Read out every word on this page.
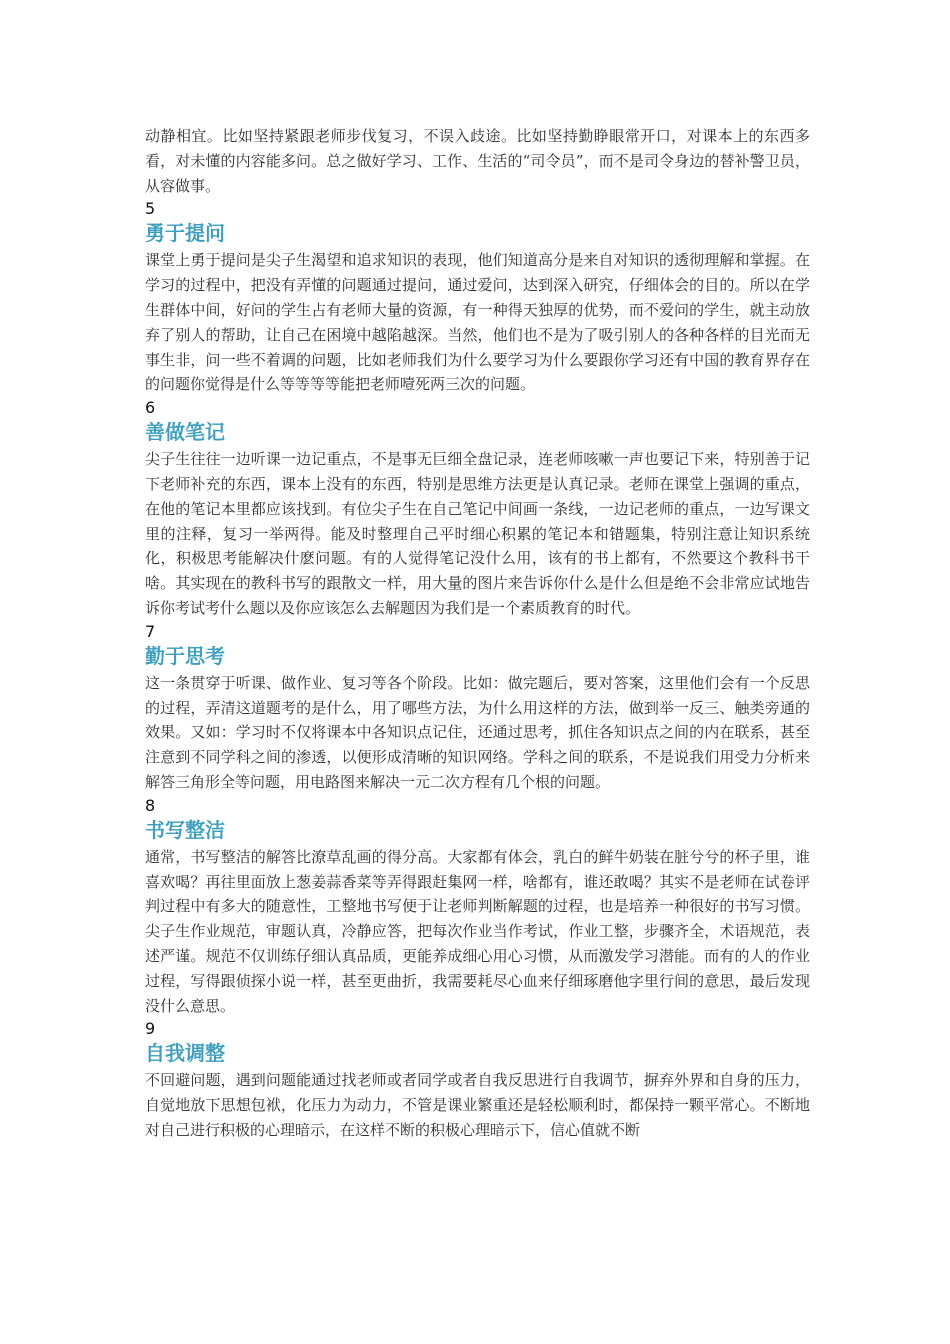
动静相宜。比如坚持紧跟老师步伐复习，不误入歧途。比如坚持勤睁眼常开口，对课本上的东西多看，对未懂的内容能多问。总之做好学习、工作、生活的“司令员”，而不是司令身边的替补警卫员，从容做事。

5
勇于提问

课堂上勇于提问是尖子生渴望和追求知识的表现，他们知道高分是来自对知识的透彻理解和掌握。在学习的过程中，把没有弄懂的问题通过提问，通过爱问，达到深入研究，仔细体会的目的。所以在学生群体中间，好问的学生占有老师大量的资源，有一种得天独厚的优势，而不爱问的学生，就主动放弃了别人的帮助，让自己在困境中越陷越深。当然，他们也不是为了吸引别人的各种各样的目光而无事生非，问一些不着调的问题，比如老师我们为什么要学习为什么要跟你学习还有中国的教育界存在的问题你觉得是什么等等等等能把老师噎死两三次的问题。

6
善做笔记

尖子生往往一边听课一边记重点，不是事无巨细全盘记录，连老师咳嗽一声也要记下来，特别善于记下老师补充的东西，课本上没有的东西，特别是思维方法更是认真记录。老师在课堂上强调的重点，在他的笔记本里都应该找到。有位尖子生在自己笔记中间画一条线，一边记老师的重点，一边写课文里的注释，复习一举两得。能及时整理自己平时细心积累的笔记本和错题集，特别注意让知识系统化，积极思考能解决什麽问题。有的人觉得笔记没什么用，该有的书上都有，不然要这个教科书干啥。其实现在的教科书写的跟散文一样，用大量的图片来告诉你什么是什么但是绝不会非常应试地告诉你考试考什么题以及你应该怎么去解题因为我们是一个素质教育的时代。

7
勤于思考

这一条贯穿于听课、做作业、复习等各个阶段。比如：做完题后，要对答案，这里他们会有一个反思的过程，弄清这道题考的是什么，用了哪些方法，为什么用这样的方法，做到举一反三、触类旁通的效果。又如：学习时不仅将课本中各知识点记住，还通过思考，抓住各知识点之间的内在联系，甚至注意到不同学科之间的渗透，以便形成清晰的知识网络。学科之间的联系，不是说我们用受力分析来解答三角形全等问题，用电路图来解决一元二次方程有几个根的问题。

8
书写整洁

通常，书写整洁的解答比潦草乱画的得分高。大家都有体会，乳白的鲜牛奶装在脏兮兮的杯子里，谁喜欢喝？再往里面放上葱姜蒜香菜等弄得跟赶集网一样，啥都有，谁还敢喝？其实不是老师在试卷评判过程中有多大的随意性，工整地书写便于让老师判断解题的过程，也是培养一种很好的书写习惯。尖子生作业规范，审题认真，冷静应答，把每次作业当作考试，作业工整，步骤齐全，术语规范，表述严谨。规范不仅训练仔细认真品质，更能养成细心用心习惯，从而激发学习潜能。而有的人的作业过程，写得跟侦探小说一样，甚至更曲折，我需要耗尽心血来仔细琢磨他字里行间的意思，最后发现没什么意思。

9
自我调整

不回避问题，遇到问题能通过找老师或者同学或者自我反思进行自我调节，摒弃外界和自身的压力，自觉地放下思想包袱，化压力为动力，不管是课业繁重还是轻松顺利时，都保持一颗平常心。不断地对自己进行积极的心理暗示，在这样不断的积极心理暗示下，信心值就不断
